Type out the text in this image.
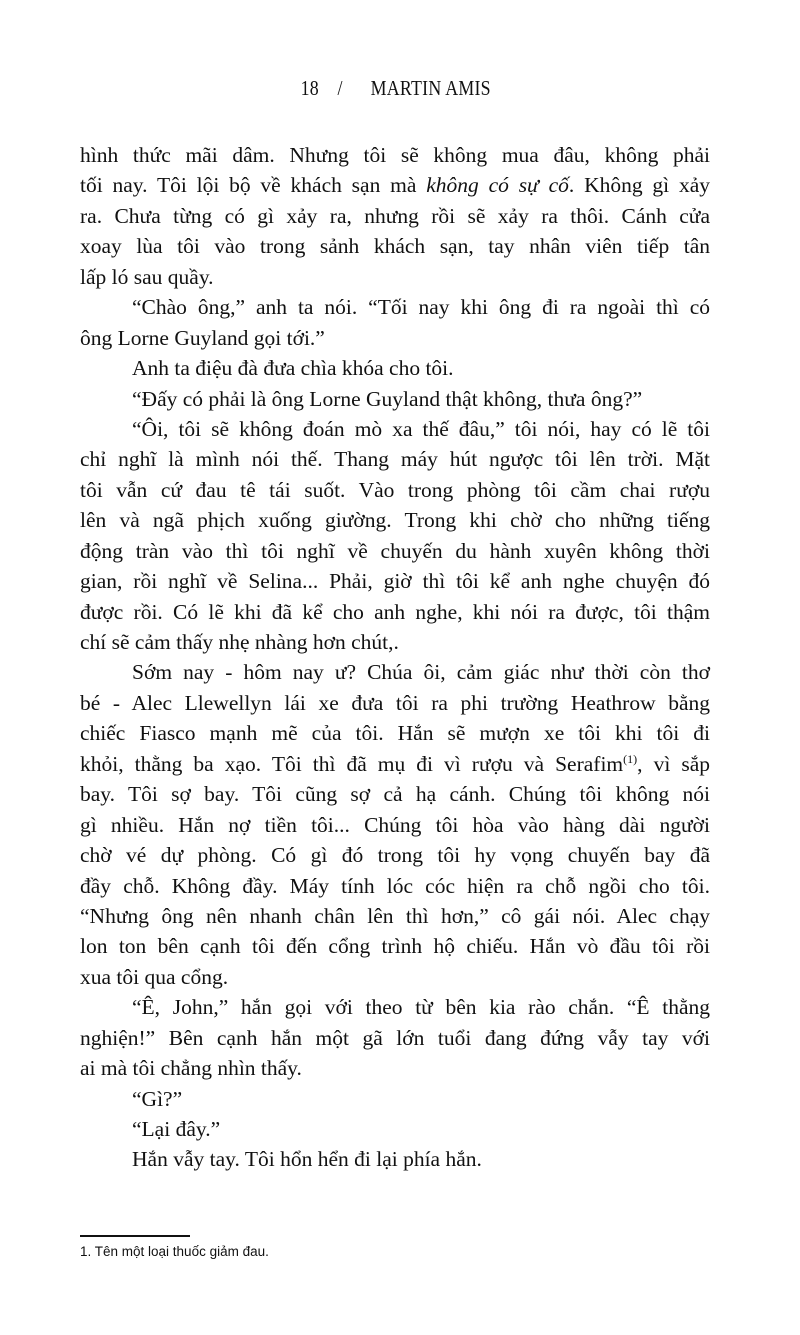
18 / MARTIN AMIS
hình thức mãi dâm. Nhưng tôi sẽ không mua đâu, không phải
tối nay. Tôi lội bộ về khách sạn mà không có sự cố. Không gì xảy
ra. Chưa từng có gì xảy ra, nhưng rồi sẽ xảy ra thôi. Cánh cửa
xoay lùa tôi vào trong sảnh khách sạn, tay nhân viên tiếp tân
lấp ló sau quầy.
“Chào ông,” anh ta nói. “Tối nay khi ông đi ra ngoài thì có
ông Lorne Guyland gọi tới.”
Anh ta điệu đà đưa chìa khóa cho tôi.
“Đấy có phải là ông Lorne Guyland thật không, thưa ông?”
“Ôi, tôi sẽ không đoán mò xa thế đâu,” tôi nói, hay có lẽ tôi
chỉ nghĩ là mình nói thế. Thang máy hút ngược tôi lên trời. Mặt
tôi vẫn cứ đau tê tái suốt. Vào trong phòng tôi cầm chai rượu
lên và ngã phịch xuống giường. Trong khi chờ cho những tiếng
động tràn vào thì tôi nghĩ về chuyến du hành xuyên không thời
gian, rồi nghĩ về Selina... Phải, giờ thì tôi kể anh nghe chuyện đó
được rồi. Có lẽ khi đã kể cho anh nghe, khi nói ra được, tôi thậm
chí sẽ cảm thấy nhẹ nhàng hơn chút,.
Sớm nay - hôm nay ư? Chúa ôi, cảm giác như thời còn thơ
bé - Alec Llewellyn lái xe đưa tôi ra phi trường Heathrow bằng
chiếc Fiasco mạnh mẽ của tôi. Hắn sẽ mượn xe tôi khi tôi đi
khỏi, thằng ba xạo. Tôi thì đã mụ đi vì rượu và Serafim$^{(1)}$, vì sắp
bay. Tôi sợ bay. Tôi cũng sợ cả hạ cánh. Chúng tôi không nói
gì nhiều. Hắn nợ tiền tôi... Chúng tôi hòa vào hàng dài người
chờ vé dự phòng. Có gì đó trong tôi hy vọng chuyến bay đã
đầy chỗ. Không đầy. Máy tính lóc cóc hiện ra chỗ ngồi cho tôi.
“Nhưng ông nên nhanh chân lên thì hơn,” cô gái nói. Alec chạy
lon ton bên cạnh tôi đến cổng trình hộ chiếu. Hắn vò đầu tôi rồi
xua tôi qua cổng.
“Ê, John,” hắn gọi với theo từ bên kia rào chắn. “Ê thằng
nghiện!” Bên cạnh hắn một gã lớn tuổi đang đứng vẫy tay với
ai mà tôi chẳng nhìn thấy.
“Gì?”
“Lại đây.”
Hắn vẫy tay. Tôi hổn hển đi lại phía hắn.
1. Tên một loại thuốc giảm đau.
